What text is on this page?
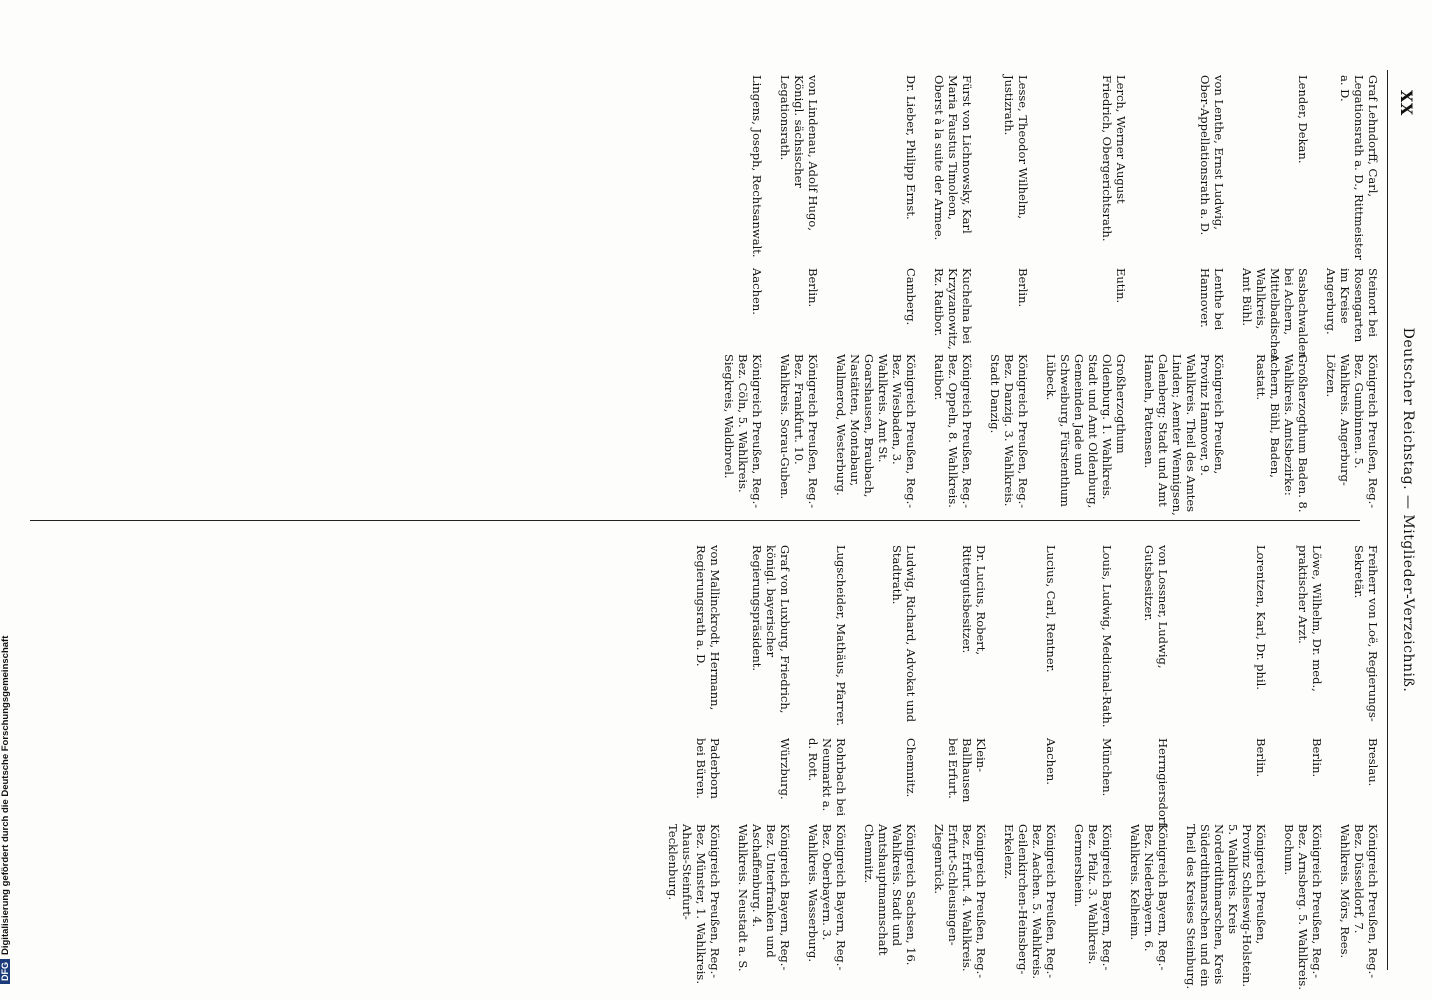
XX
Deutscher Reichstag. — Mitglieder-Verzeichniß.
Graf Lehndorff, Carl, Legationsrath a. D., Rittmeister a. D.
Steinort bei Rosengarten im Kreise Angerburg.
Königreich Preußen, Reg.-Bez. Gumbinnen. 5. Wahlkreis. Angerburg-Lötzen.
Lender, Dekan.
Sasbachwalden bei Achern, Mittelbadischer Wahlkreis, Amt Bühl.
Großherzogthum Baden. 8. Wahlkreis. Amtsbezirke: Achern, Bühl, Baden, Rastatt.
von Lenthe, Ernst Ludwig, Ober-Appellationsrath a. D.
Lenthe bei Hannover.
Königreich Preußen, Provinz Hannover, 9. Wahlkreis. Theil des Amtes Linden; Aemter Wennigsen, Calenberg; Stadt und Amt Hameln, Pattensen.
Lerch, Werner August Friedrich, Obergerichtsrath.
Eutin.
Großherzogthum Oldenburg. 1. Wahlkreis. Stadt und Amt Oldenburg, Gemeinden Jade und Schweiburg, Fürstenthum Lübeck.
Lesse, Theodor Wilhelm, Justizrath.
Berlin.
Königreich Preußen, Reg.-Bez. Danzig. 3. Wahlkreis. Stadt Danzig.
Fürst von Lichnowsky, Karl Maria Faustus Timoleon, Oberst à la suite der Armee.
Kuchelna bei Krzyzanowitz, Rz. Ratibor.
Königreich Preußen, Reg.-Bez. Oppeln, 8. Wahlkreis. Ratibor.
Dr. Lieber, Philipp Ernst.
Camberg.
Königreich Preußen, Reg.-Bez. Wiesbaden, 3. Wahlkreis. Amt St. Goarshausen, Braubach, Nastätten, Montabaur, Wallmerod, Westerburg.
von Lindenau, Adolf Hugo, Königl. sächsischer Legationsrath.
Berlin.
Königreich Preußen, Reg.-Bez. Frankfurt. 10. Wahlkreis. Sorau-Guben.
Lingens, Joseph, Rechtsanwalt.
Aachen.
Königreich Preußen, Reg.-Bez. Cöln, 5. Wahlkreis. Siegkreis, Waldbroel.
Freiherr von Loë, Regierungs-Sekretär.
Breslau.
Königreich Preußen, Reg.-Bez. Düsseldorf, 7. Wahlkreis. Mörs, Rees.
Löwe, Wilhelm, Dr. med., praktischer Arzt.
Berlin.
Königreich Preußen, Reg.-Bez. Arnsberg. 5. Wahlkreis. Bochum.
Lorentzen, Karl, Dr. phil.
Berlin.
Königreich Preußen, Provinz Schleswig-Holstein. 5. Wahlkreis. Kreis Norderdithmarschen, Kreis Süderdithmarschen und ein Theil des Kreises Steinburg.
von Lossner, Ludwig, Gutsbesitzer.
Herrngiersdorf.
Königreich Bayern, Reg.-Bez. Niederbayern. 6. Wahlkreis. Kelheim.
Louis, Ludwig, Medicinal-Rath.
München.
Königreich Bayern, Reg.-Bez. Pfalz. 3. Wahlkreis. Germersheim.
Lucius, Carl, Rentner.
Aachen.
Königreich Preußen, Reg.-Bez. Aachen. 5. Wahlkreis. Geilenkirchen-Heinsberg-Erkelenz.
Dr. Lucius, Robert, Rittergutsbesitzer.
Klein-Ballhausen bei Erfurt.
Königreich Preußen, Reg.-Bez. Erfurt. 4. Wahlkreis. Erfurt-Schleusingen-Ziegenrück.
Ludwig, Richard, Advokat und Stadtrath.
Chemnitz.
Königreich Sachsen, 16. Wahlkreis. Stadt und Amtshauptmannschaft Chemnitz.
Lugscheider, Mathäus, Pfarrer.
Rohrbach bei Neumarkt a. d. Rott.
Königreich Bayern, Reg.-Bez. Oberbayern. 3. Wahlkreis. Wasserburg.
Graf von Luxburg, Friedrich, königl. bayerischer Regierungspräsident.
Würzburg.
Königreich Bayern, Reg.-Bez. Unterfranken und Aschaffenburg. 4. Wahlkreis. Neustadt a. S.
von Mallinckrodt, Hermann, Regierungsrath a. D.
Paderborn bei Büren.
Königreich Preußen, Reg.-Bez. Münster, 1. Wahlkreis. Ahaus-Steinfurt-Tecklenburg.
DFGDigitalisierung gefördert durch die Deutsche Forschungsgemeinschaft
